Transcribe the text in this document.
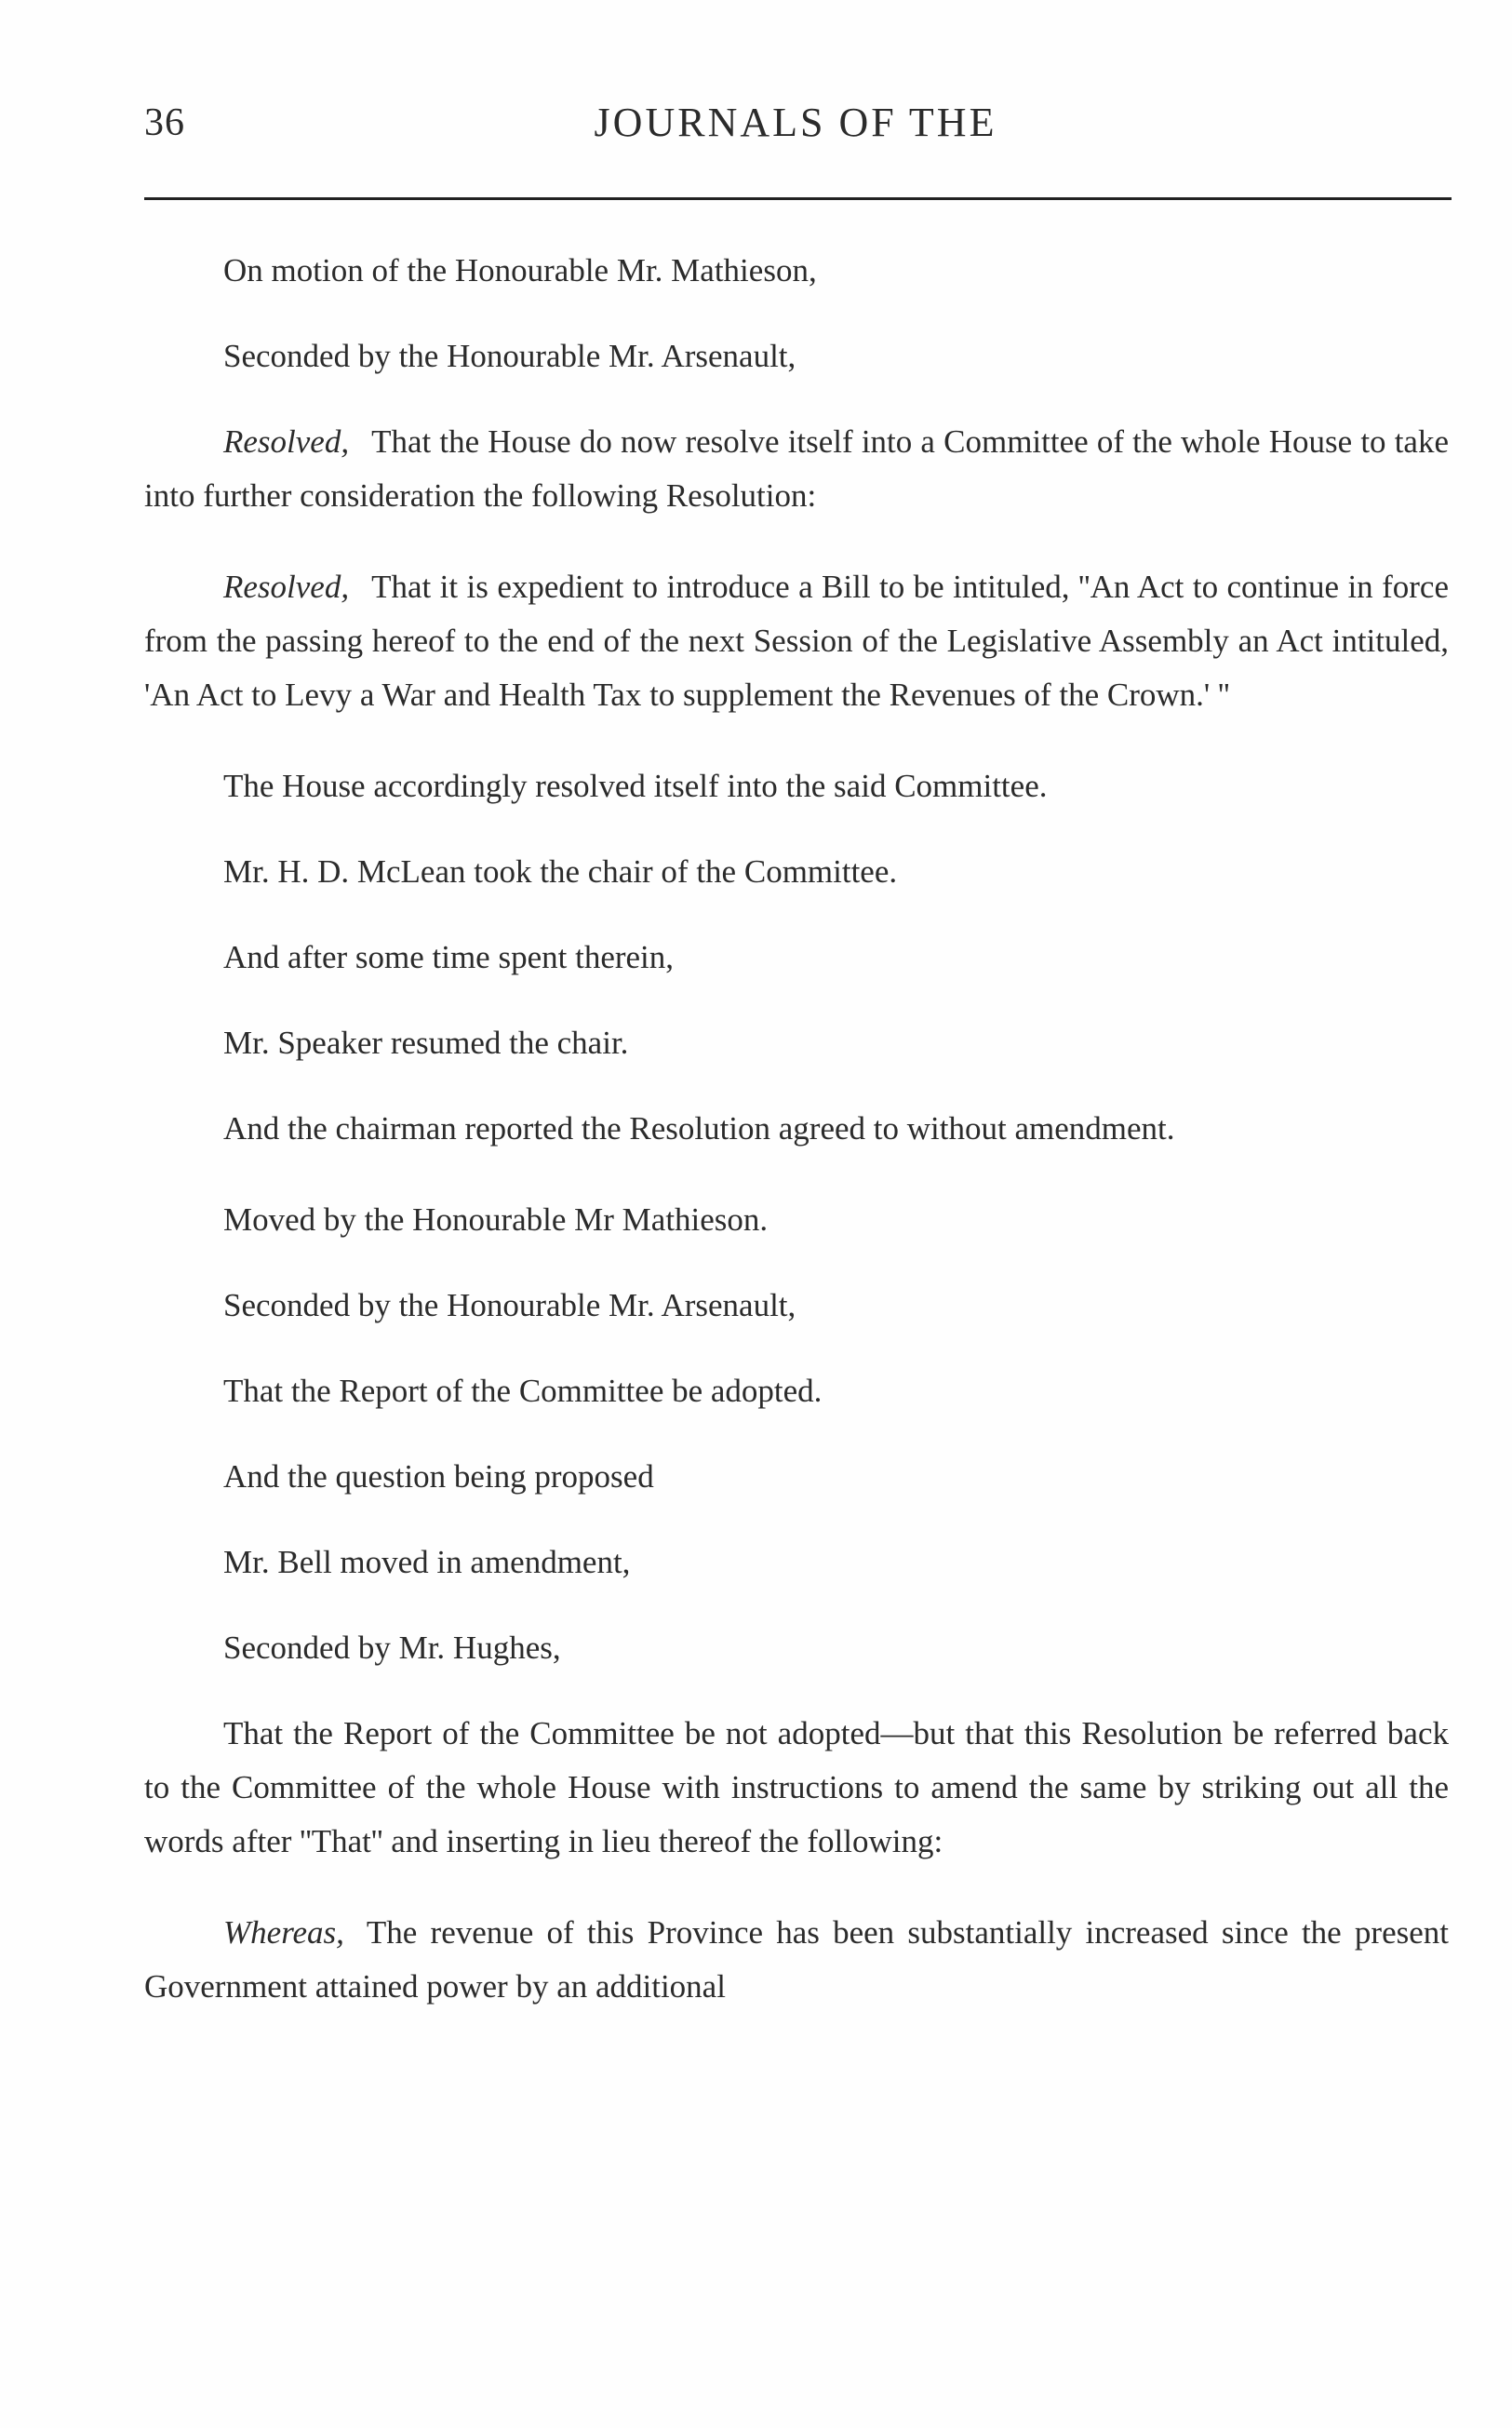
36	JOURNALS OF THE

On motion of the Honourable Mr. Mathieson,

Seconded by the Honourable Mr. Arsenault,

Resolved, That the House do now resolve itself into a Committee of the whole House to take into further consideration the following Resolution:

Resolved, That it is expedient to introduce a Bill to be intituled, ''An Act to continue in force from the passing hereof to the end of the next Session of the Legislative Assembly an Act intituled, 'An Act to Levy a War and Health Tax to supplement the Revenues of the Crown.' ''

The House accordingly resolved itself into the said Committee.

Mr. H. D. McLean took the chair of the Committee.

And after some time spent therein,

Mr. Speaker resumed the chair.

And the chairman reported the Resolution agreed to without amendment.

Moved by the Honourable Mr Mathieson.

Seconded by the Honourable Mr. Arsenault,

That the Report of the Committee be adopted.

And the question being proposed

Mr. Bell moved in amendment,

Seconded by Mr. Hughes,

That the Report of the Committee be not adopted—but that this Resolution be referred back to the Committee of the whole House with instructions to amend the same by striking out all the words after ''That'' and inserting in lieu thereof the following:

Whereas, The revenue of this Province has been substantially increased since the present Government attained power by an additional
